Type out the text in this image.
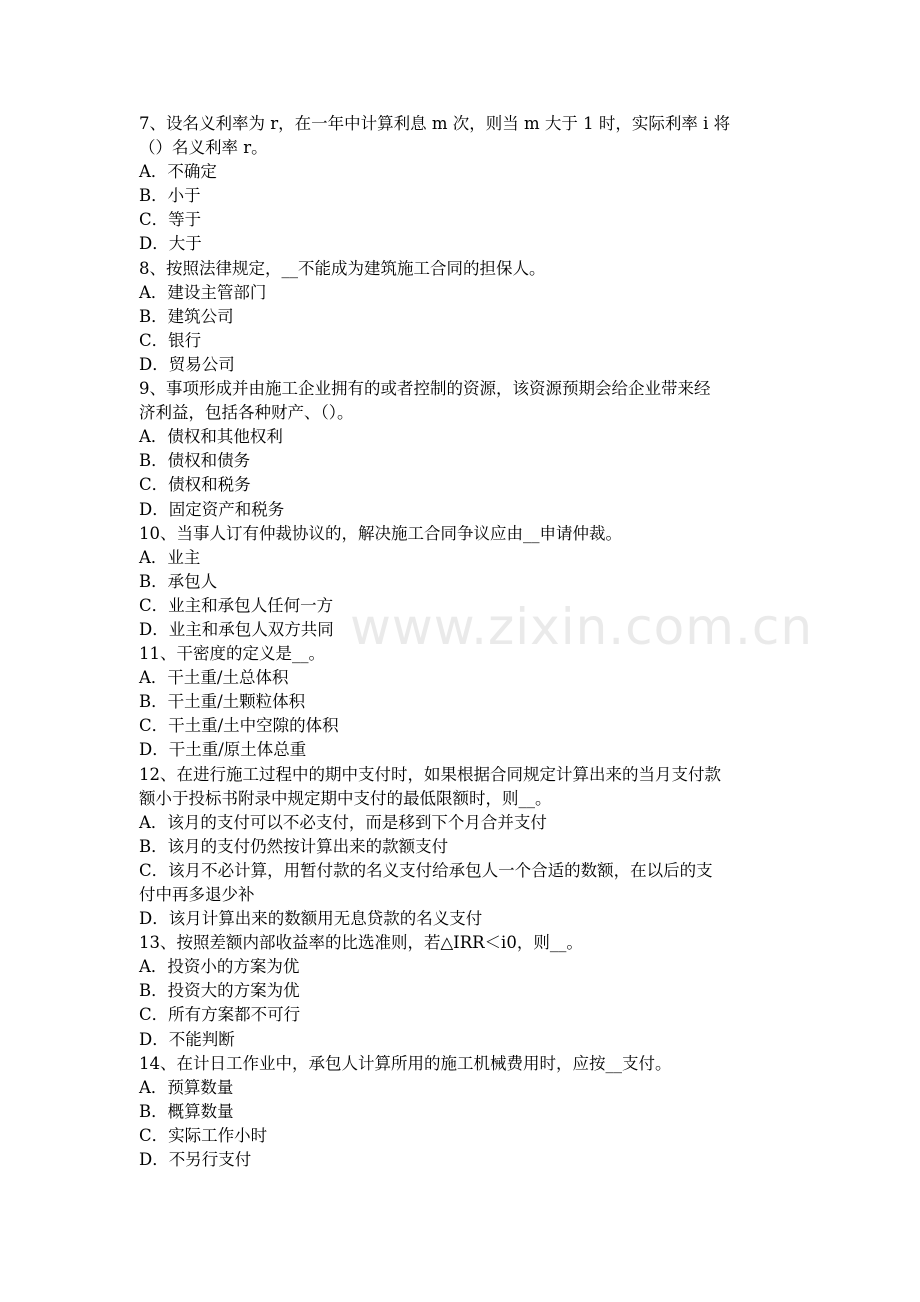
7、设名义利率为 r，在一年中计算利息 m 次，则当 m 大于 1 时，实际利率 i 将
（）名义利率 r。
A．不确定
B．小于
C．等于
D．大于
8、按照法律规定，__不能成为建筑施工合同的担保人。
A．建设主管部门
B．建筑公司
C．银行
D．贸易公司
9、事项形成并由施工企业拥有的或者控制的资源，该资源预期会给企业带来经
济利益，包括各种财产、（）。
A．债权和其他权利
B．债权和债务
C．债权和税务
D．固定资产和税务
10、当事人订有仲裁协议的，解决施工合同争议应由__申请仲裁。
A．业主
B．承包人
C．业主和承包人任何一方
D．业主和承包人双方共同
11、干密度的定义是__。
A．干土重/土总体积
B．干土重/土颗粒体积
C．干土重/土中空隙的体积
D．干土重/原土体总重
12、在进行施工过程中的期中支付时，如果根据合同规定计算出来的当月支付款
额小于投标书附录中规定期中支付的最低限额时，则__。
A．该月的支付可以不必支付，而是移到下个月合并支付
B．该月的支付仍然按计算出来的款额支付
C．该月不必计算，用暂付款的名义支付给承包人一个合适的数额，在以后的支
付中再多退少补
D．该月计算出来的数额用无息贷款的名义支付
13、按照差额内部收益率的比选准则，若△IRR＜i0，则__。
A．投资小的方案为优
B．投资大的方案为优
C．所有方案都不可行
D．不能判断
14、在计日工作业中，承包人计算所用的施工机械费用时，应按__支付。
A．预算数量
B．概算数量
C．实际工作小时
D．不另行支付
www.zixin.com.cn
